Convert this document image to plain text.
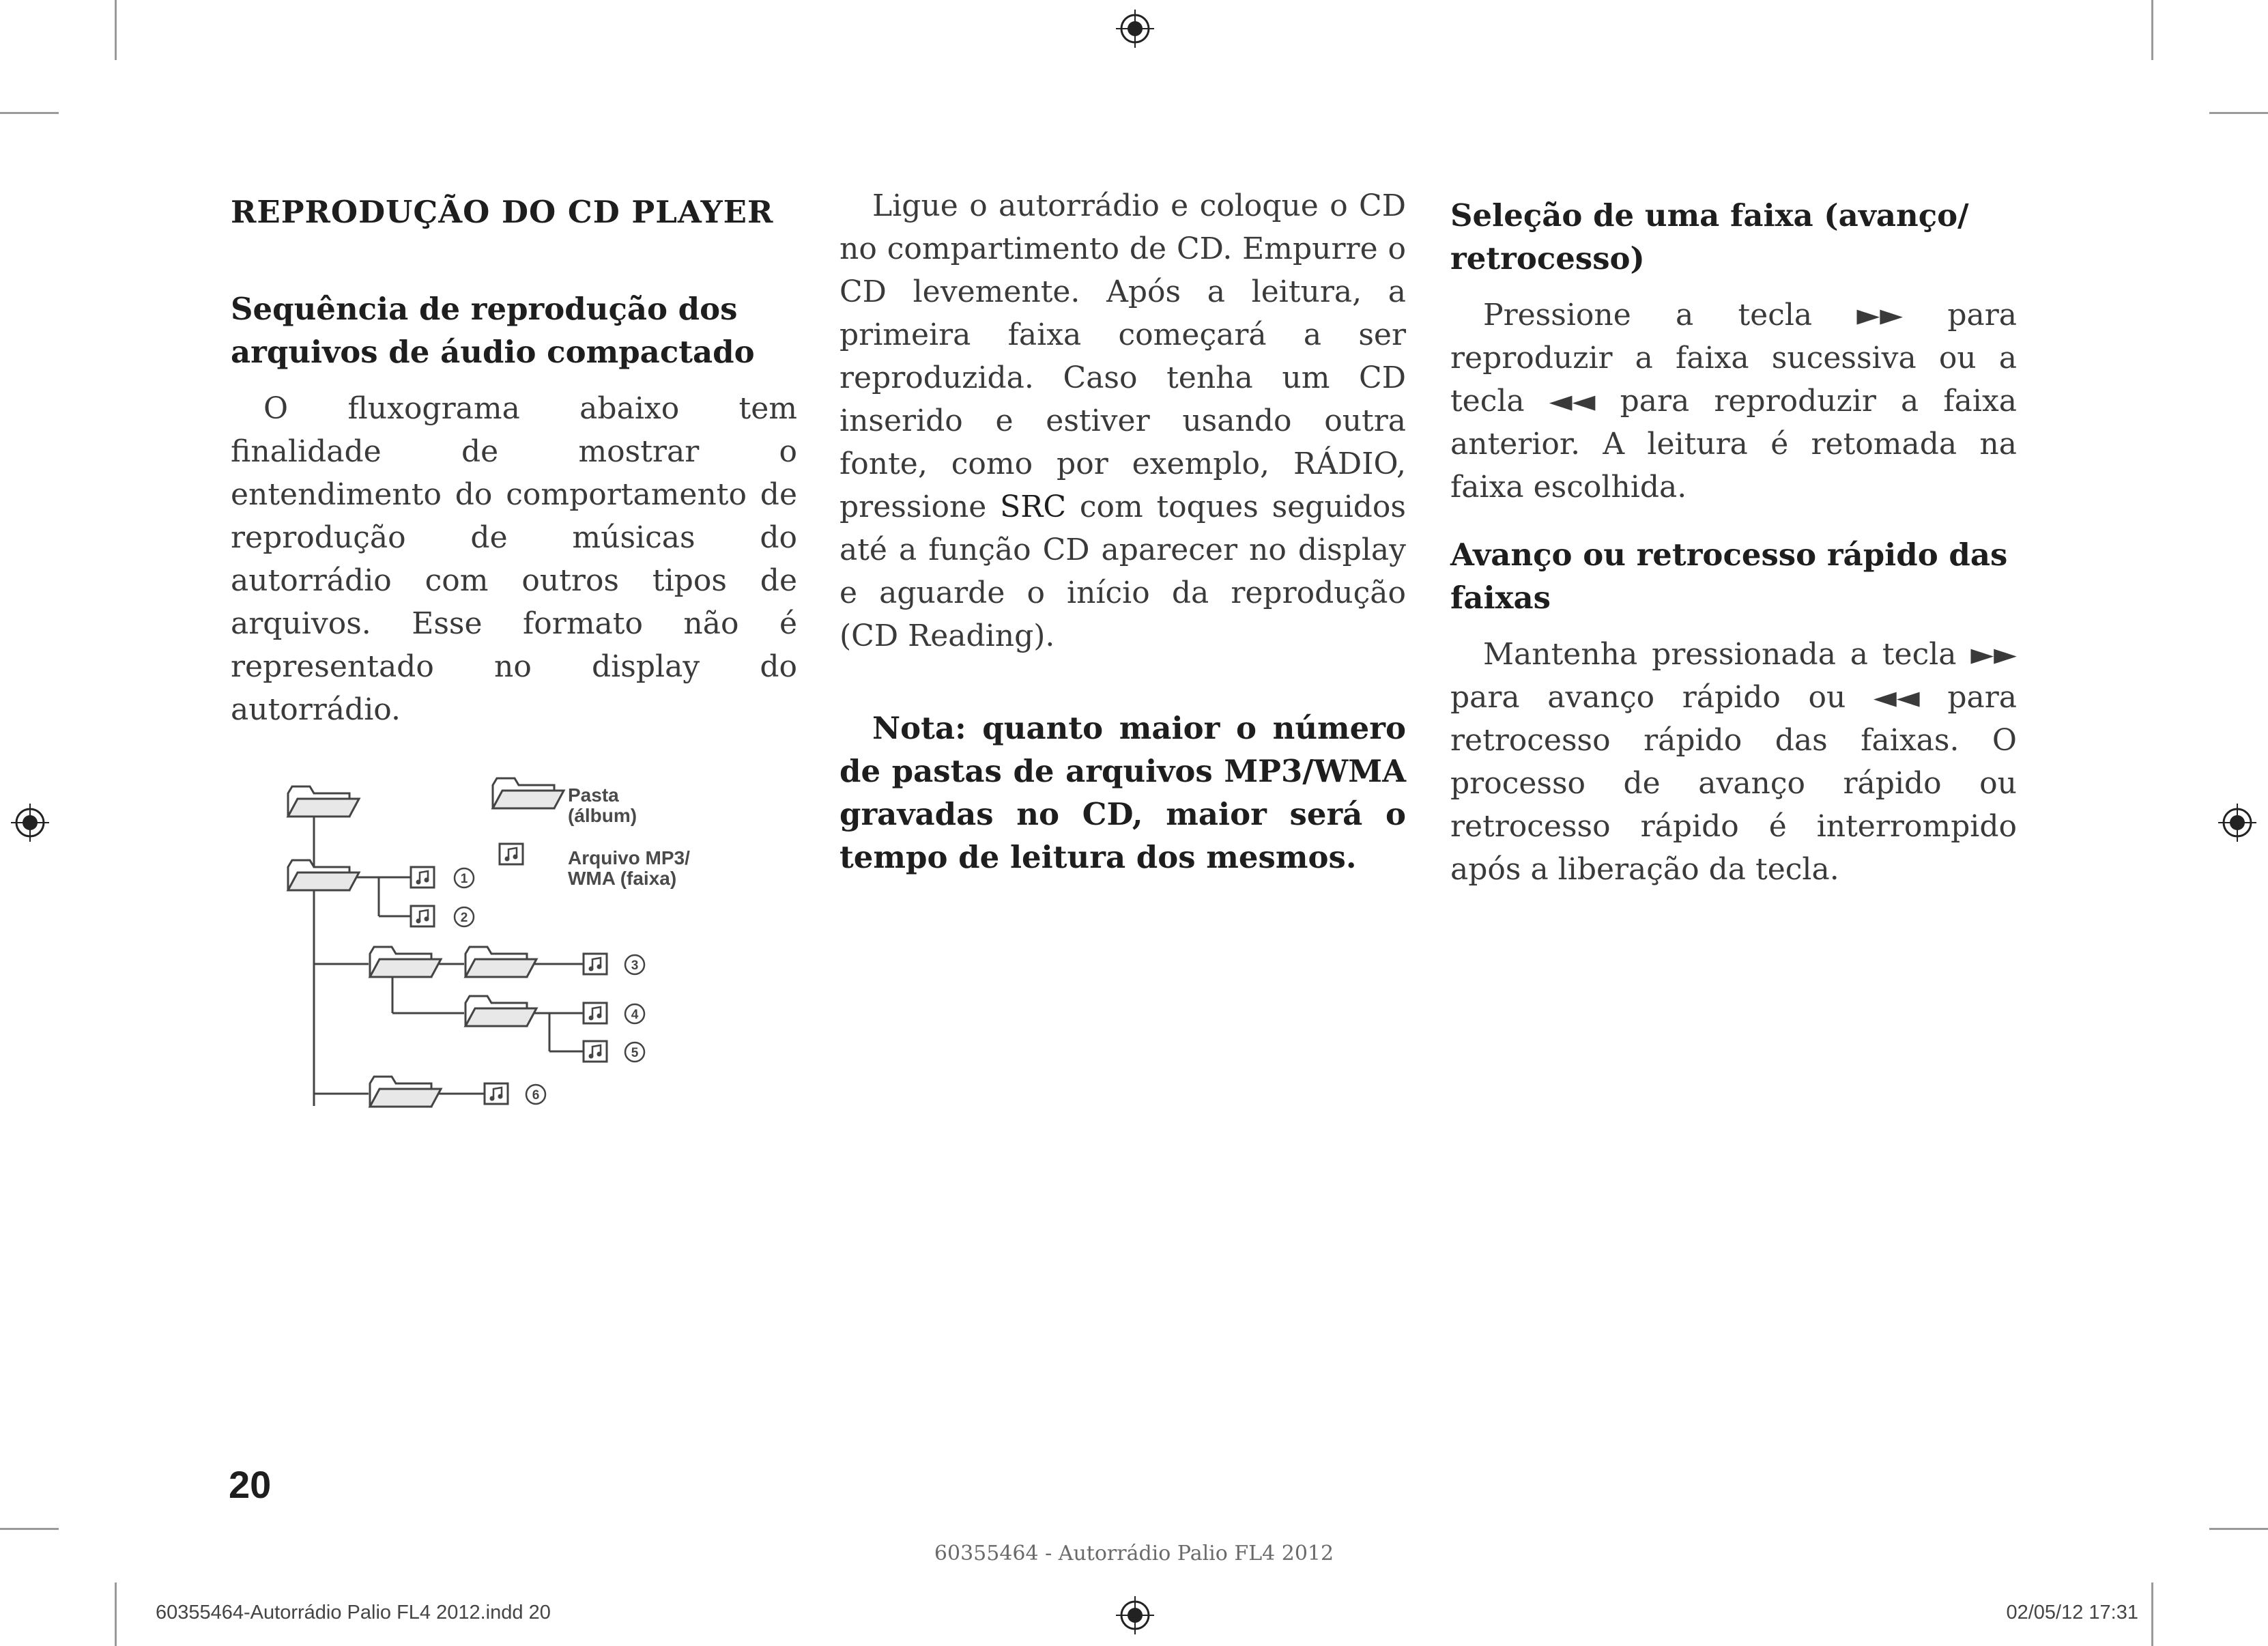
REPRODUÇÃO DO CD PLAYER
Sequência de reprodução dos arquivos de áudio compactado

O fluxograma abaixo tem finalidade de mostrar o entendimento do comportamento de reprodução de músicas do autorrádio com outros tipos de arquivos. Esse formato não é representado no display do autorrádio.

1
2
3
4
5
6
Pasta (álbum)
Arquivo MP3/ WMA (faixa)

Ligue o autorrádio e coloque o CD no compartimento de CD. Empurre o CD levemente. Após a leitura, a primeira faixa começará a ser reproduzida. Caso tenha um CD inserido e estiver usando outra fonte, como por exemplo, RÁDIO, pressione SRC com toques seguidos até a função CD aparecer no display e aguarde o início da reprodução (CD Reading).

Nota: quanto maior o número de pastas de arquivos MP3/WMA gravadas no CD, maior será o tempo de leitura dos mesmos.

Seleção de uma faixa (avanço/ retrocesso)

Pressione a tecla ►► para reproduzir a faixa sucessiva ou a tecla ◄◄ para reproduzir a faixa anterior. A leitura é retomada na faixa escolhida.

Avanço ou retrocesso rápido das faixas

Mantenha pressionada a tecla ►► para avanço rápido ou ◄◄ para retrocesso rápido das faixas. O processo de avanço rápido ou retrocesso rápido é interrompido após a liberação da tecla.

20
60355464 - Autorrádio Palio FL4 2012
60355464-Autorrádio Palio FL4 2012.indd 20	02/05/12 17:31
